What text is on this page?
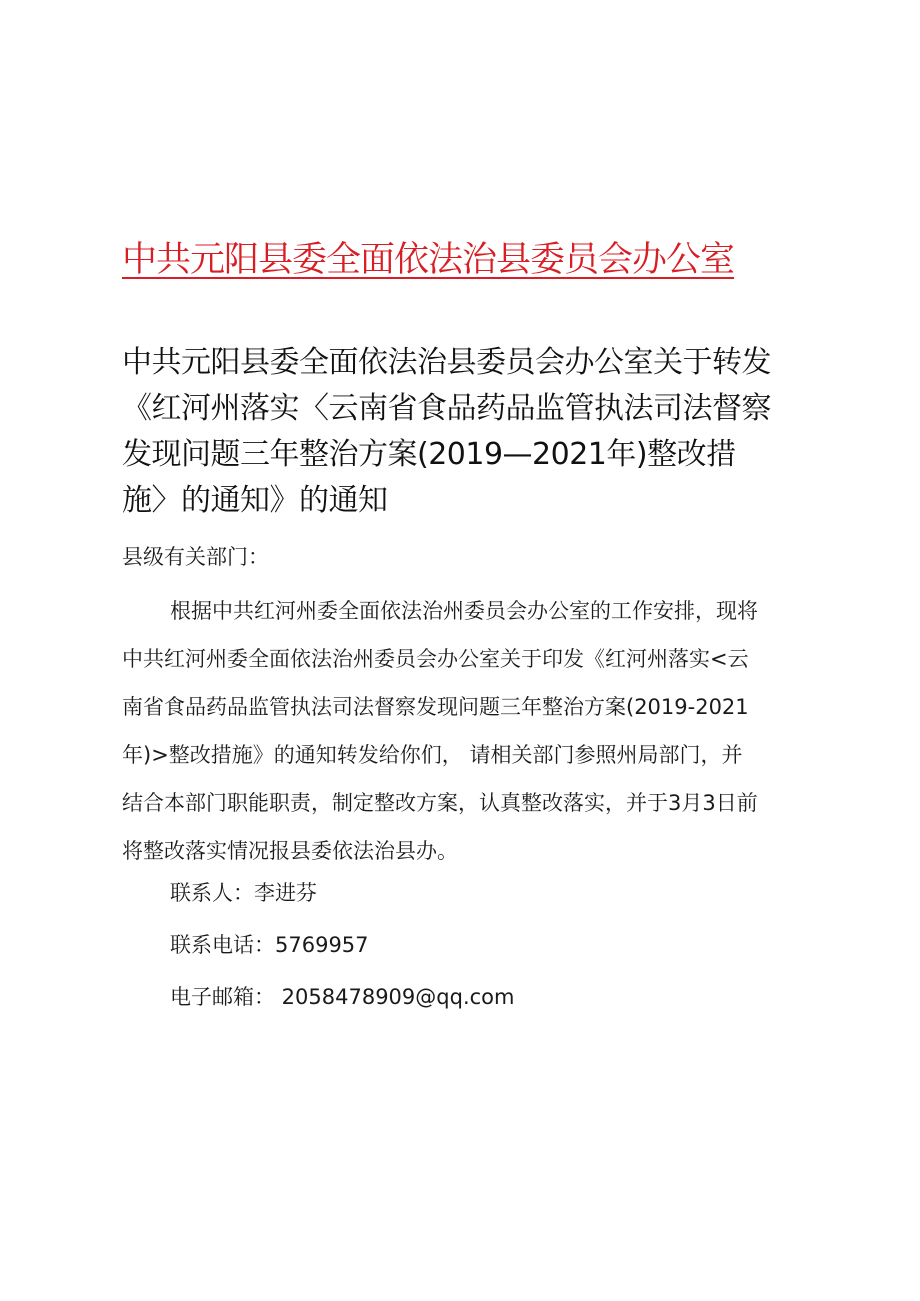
中共元阳县委全面依法治县委员会办公室
中共元阳县委全面依法治县委员会办公室关于转发
《红河州落实〈云南省食品药品监管执法司法督察
发现问题三年整治方案(2019—2021年)整改措
施〉的通知》的通知
县级有关部门：
根据中共红河州委全面依法治州委员会办公室的工作安排，现将
中共红河州委全面依法治州委员会办公室关于印发《红河州落实<云
南省食品药品监管执法司法督察发现问题三年整治方案(2019-2021
年)>整改措施》的通知转发给你们， 请相关部门参照州局部门，并
结合本部门职能职责，制定整改方案，认真整改落实，并于3月3日前
将整改落实情况报县委依法治县办。
联系人：李进芬
联系电话：5769957
电子邮箱： 2058478909@qq.com
